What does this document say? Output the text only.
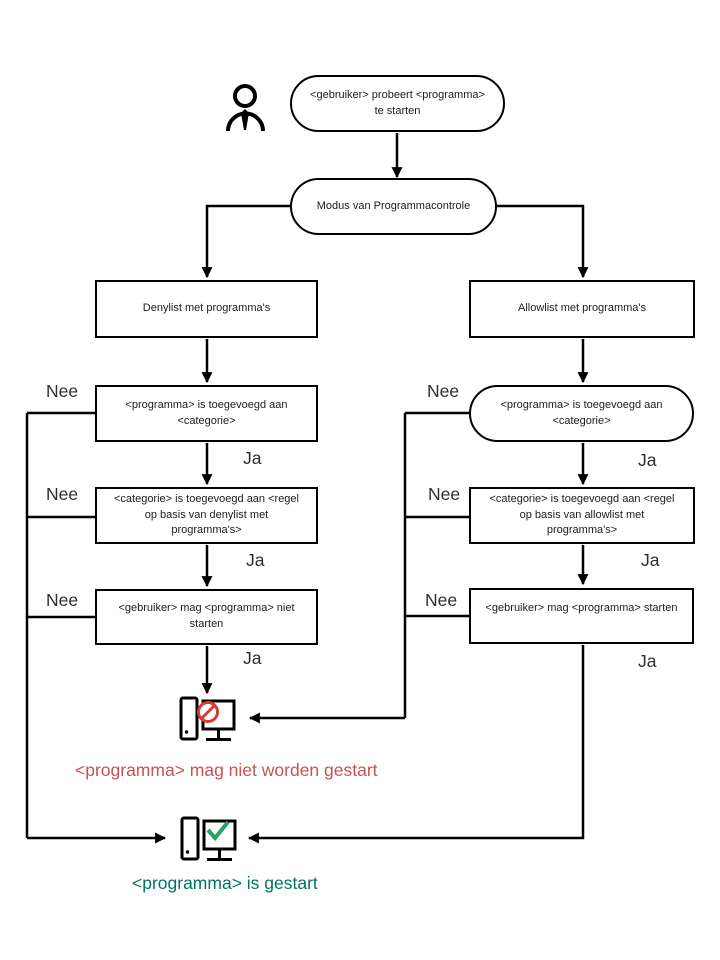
<gebruiker> probeert <programma> te starten
Modus van Programmacontrole
Denylist met programma's	Allowlist met programma's
<programma> is toegevoegd aan <categorie>
<programma> is toegevoegd aan <categorie>
<categorie> is toegevoegd aan <regel op basis van denylist met programma's>
<categorie> is toegevoegd aan <regel op basis van allowlist met programma's>
<gebruiker> mag <programma> niet starten
<gebruiker> mag <programma> starten
Nee
Nee
Nee
Ja
Ja
Ja
Nee
Nee
Nee
Ja
Ja
Ja
<programma> mag niet worden gestart
<programma> is gestart
